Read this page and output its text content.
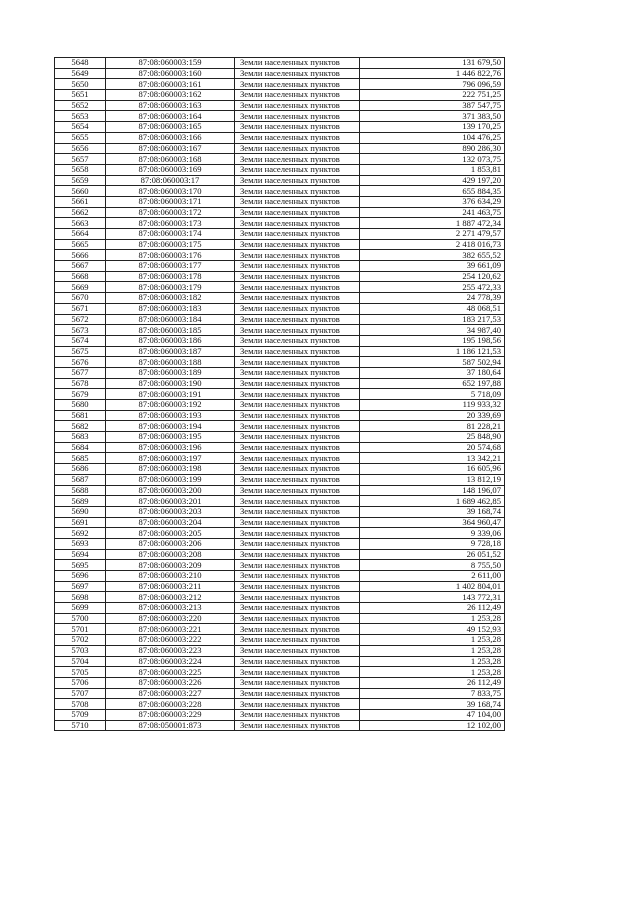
5648	87:08:060003:159	Земли населенных пунктов	131 679,50
5649	87:08:060003:160	Земли населенных пунктов	1 446 822,76
5650	87:08:060003:161	Земли населенных пунктов	796 096,59
5651	87:08:060003:162	Земли населенных пунктов	222 751,25
5652	87:08:060003:163	Земли населенных пунктов	387 547,75
5653	87:08:060003:164	Земли населенных пунктов	371 383,50
5654	87:08:060003:165	Земли населенных пунктов	139 170,25
5655	87:08:060003:166	Земли населенных пунктов	104 476,25
5656	87:08:060003:167	Земли населенных пунктов	890 286,30
5657	87:08:060003:168	Земли населенных пунктов	132 073,75
5658	87:08:060003:169	Земли населенных пунктов	1 853,81
5659	87:08:060003:17	Земли населенных пунктов	429 197,20
5660	87:08:060003:170	Земли населенных пунктов	655 884,35
5661	87:08:060003:171	Земли населенных пунктов	376 634,29
5662	87:08:060003:172	Земли населенных пунктов	241 463,75
5663	87:08:060003:173	Земли населенных пунктов	1 887 472,34
5664	87:08:060003:174	Земли населенных пунктов	2 271 479,57
5665	87:08:060003:175	Земли населенных пунктов	2 418 016,73
5666	87:08:060003:176	Земли населенных пунктов	382 655,52
5667	87:08:060003:177	Земли населенных пунктов	39 661,09
5668	87:08:060003:178	Земли населенных пунктов	254 120,62
5669	87:08:060003:179	Земли населенных пунктов	255 472,33
5670	87:08:060003:182	Земли населенных пунктов	24 778,39
5671	87:08:060003:183	Земли населенных пунктов	48 068,51
5672	87:08:060003:184	Земли населенных пунктов	183 217,53
5673	87:08:060003:185	Земли населенных пунктов	34 987,40
5674	87:08:060003:186	Земли населенных пунктов	195 198,56
5675	87:08:060003:187	Земли населенных пунктов	1 186 121,53
5676	87:08:060003:188	Земли населенных пунктов	587 502,94
5677	87:08:060003:189	Земли населенных пунктов	37 180,64
5678	87:08:060003:190	Земли населенных пунктов	652 197,88
5679	87:08:060003:191	Земли населенных пунктов	5 718,09
5680	87:08:060003:192	Земли населенных пунктов	119 933,32
5681	87:08:060003:193	Земли населенных пунктов	20 339,69
5682	87:08:060003:194	Земли населенных пунктов	81 228,21
5683	87:08:060003:195	Земли населенных пунктов	25 848,90
5684	87:08:060003:196	Земли населенных пунктов	20 574,68
5685	87:08:060003:197	Земли населенных пунктов	13 342,21
5686	87:08:060003:198	Земли населенных пунктов	16 605,96
5687	87:08:060003:199	Земли населенных пунктов	13 812,19
5688	87:08:060003:200	Земли населенных пунктов	148 196,07
5689	87:08:060003:201	Земли населенных пунктов	1 689 462,85
5690	87:08:060003:203	Земли населенных пунктов	39 168,74
5691	87:08:060003:204	Земли населенных пунктов	364 960,47
5692	87:08:060003:205	Земли населенных пунктов	9 339,06
5693	87:08:060003:206	Земли населенных пунктов	9 728,18
5694	87:08:060003:208	Земли населенных пунктов	26 051,52
5695	87:08:060003:209	Земли населенных пунктов	8 755,50
5696	87:08:060003:210	Земли населенных пунктов	2 611,00
5697	87:08:060003:211	Земли населенных пунктов	1 402 804,01
5698	87:08:060003:212	Земли населенных пунктов	143 772,31
5699	87:08:060003:213	Земли населенных пунктов	26 112,49
5700	87:08:060003:220	Земли населенных пунктов	1 253,28
5701	87:08:060003:221	Земли населенных пунктов	49 152,93
5702	87:08:060003:222	Земли населенных пунктов	1 253,28
5703	87:08:060003:223	Земли населенных пунктов	1 253,28
5704	87:08:060003:224	Земли населенных пунктов	1 253,28
5705	87:08:060003:225	Земли населенных пунктов	1 253,28
5706	87:08:060003:226	Земли населенных пунктов	26 112,49
5707	87:08:060003:227	Земли населенных пунктов	7 833,75
5708	87:08:060003:228	Земли населенных пунктов	39 168,74
5709	87:08:060003:229	Земли населенных пунктов	47 104,00
5710	87:08:050001:873	Земли населенных пунктов	12 102,00
